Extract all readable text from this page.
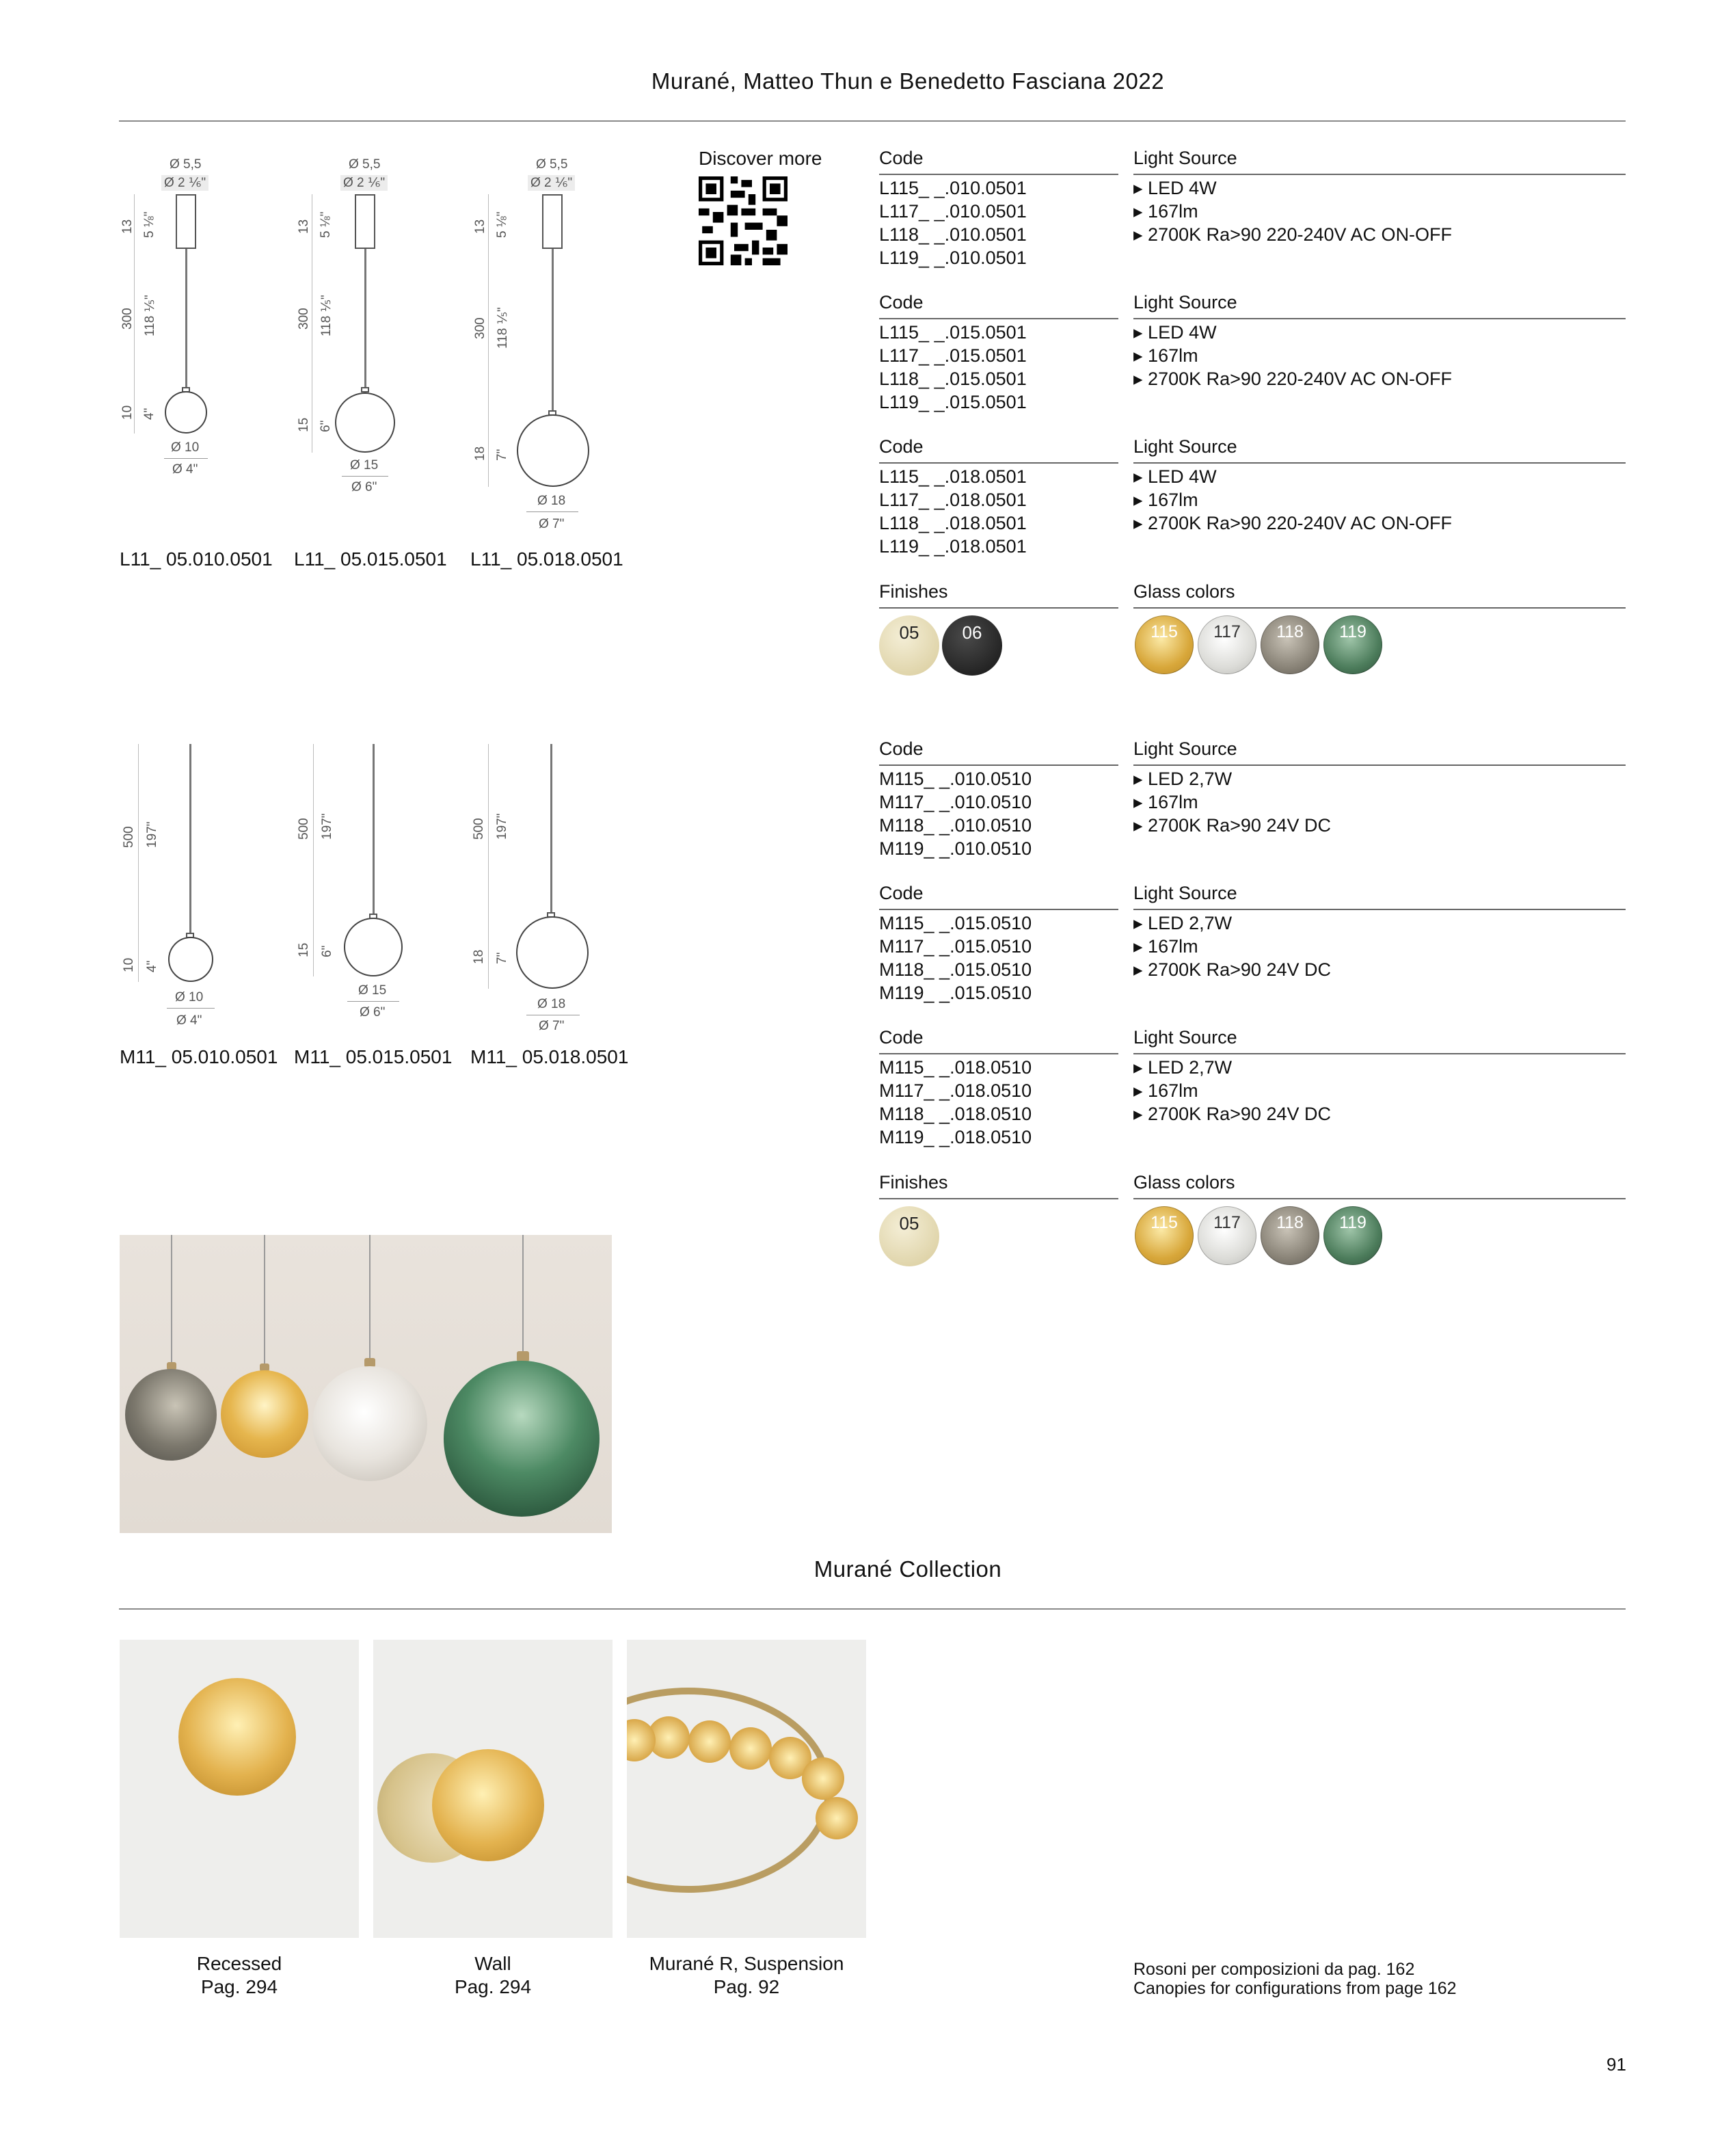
Murané, Matteo Thun e Benedetto Fasciana 2022
Ø 5,5
Ø 2 ⅙"
13 5 ⅛"
300 118 ⅕"
10 4"
Ø 10
Ø 4"
L11_ 05.010.0501
Ø 5,5
Ø 2 ⅙"
13 5 ⅛"
300 118 ⅕"
15 6"
Ø 15
Ø 6"
L11_ 05.015.0501
Ø 5,5
Ø 2 ⅙"
13 5 ⅛"
300 118 ⅕"
18 7"
Ø 18
Ø 7"
L11_ 05.018.0501
Discover more	Code	Light Source
L115_ _.010.0501
L117_ _.010.0501
L118_ _.010.0501
L119_ _.010.0501
▸ LED 4W
▸ 167lm
▸ 2700K Ra>90 220-240V AC ON-OFF
Code	Light Source
L115_ _.015.0501
L117_ _.015.0501
L118_ _.015.0501
L119_ _.015.0501
▸ LED 4W
▸ 167lm
▸ 2700K Ra>90 220-240V AC ON-OFF
Code	Light Source
L115_ _.018.0501
L117_ _.018.0501
L118_ _.018.0501
L119_ _.018.0501
▸ LED 4W
▸ 167lm
▸ 2700K Ra>90 220-240V AC ON-OFF
Finishes	Glass colors
05	06	115	117	118	119
500 197"
10 4"
Ø 10
Ø 4"
M11_ 05.010.0501
500 197"
15 6"
Ø 15
Ø 6"
M11_ 05.015.0501
500 197"
18 7"
Ø 18
Ø 7"
M11_ 05.018.0501
Code	Light Source
M115_ _.010.0510
M117_ _.010.0510
M118_ _.010.0510
M119_ _.010.0510
▸ LED 2,7W
▸ 167lm
▸ 2700K Ra>90 24V DC
Code	Light Source
M115_ _.015.0510
M117_ _.015.0510
M118_ _.015.0510
M119_ _.015.0510
▸ LED 2,7W
▸ 167lm
▸ 2700K Ra>90 24V DC
Code	Light Source
M115_ _.018.0510
M117_ _.018.0510
M118_ _.018.0510
M119_ _.018.0510
▸ LED 2,7W
▸ 167lm
▸ 2700K Ra>90 24V DC
Finishes	Glass colors
05	115	117	118	119
Murané Collection
Recessed
Pag. 294
Wall
Pag. 294
Murané R, Suspension
Pag. 92
Rosoni per composizioni da pag. 162
Canopies for configurations from page 162
91
